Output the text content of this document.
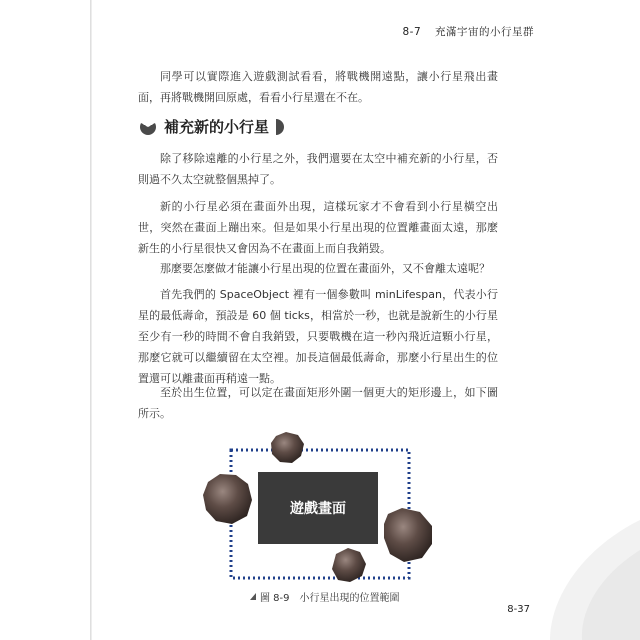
8-7 充滿宇宙的小行星群

同學可以實際進入遊戲測試看看，將戰機開遠點，讓小行星飛出畫面，再將戰機開回原處，看看小行星還在不在。

補充新的小行星

除了移除遠離的小行星之外，我們還要在太空中補充新的小行星，否則過不久太空就整個黑掉了。

新的小行星必須在畫面外出現，這樣玩家才不會看到小行星橫空出世，突然在畫面上蹦出來。但是如果小行星出現的位置離畫面太遠，那麼新生的小行星很快又會因為不在畫面上而自我銷毀。

那麼要怎麼做才能讓小行星出現的位置在畫面外，又不會離太遠呢？

首先我們的 SpaceObject 裡有一個參數叫 minLifespan，代表小行星的最低壽命，預設是 60 個 ticks，相當於一秒，也就是說新生的小行星至少有一秒的時間不會自我銷毀，只要戰機在這一秒內飛近這顆小行星，那麼它就可以繼續留在太空裡。加長這個最低壽命，那麼小行星出生的位置還可以離畫面再稍遠一點。

至於出生位置，可以定在畫面矩形外圍一個更大的矩形邊上，如下圖所示。

遊戲畫面
圖 8-9 小行星出現的位置範圍
8-37
